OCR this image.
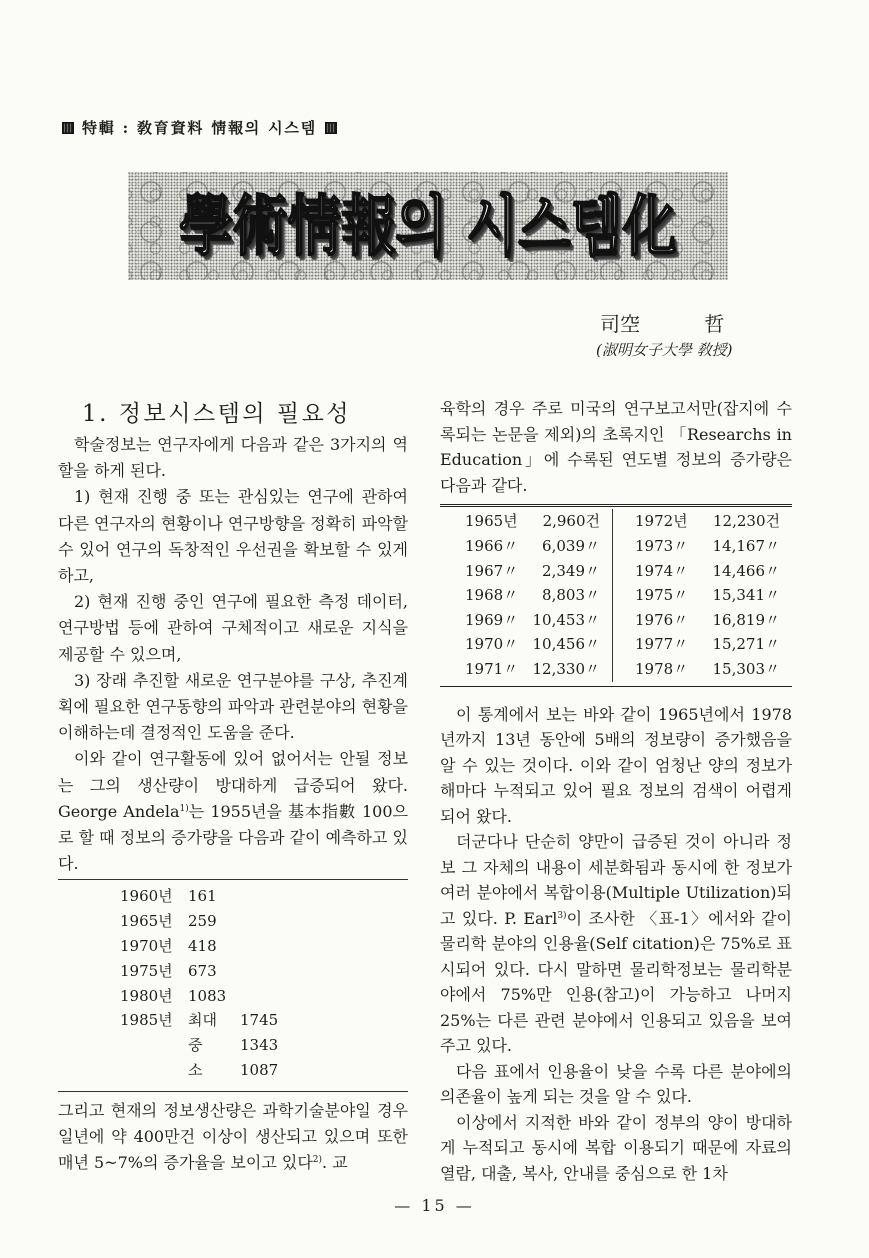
特輯 : 敎育資料 情報의 시스템
學術情報의 시스템化
司空 哲
(淑明女子大學 敎授)
1. 정보시스템의 필요성

학술정보는 연구자에게 다음과 같은 3가지의 역할을 하게 된다.

1) 현재 진행 중 또는 관심있는 연구에 관하여 다른 연구자의 현황이나 연구방향을 정확히 파악할 수 있어 연구의 독창적인 우선권을 확보할 수 있게 하고,

2) 현재 진행 중인 연구에 필요한 측정 데이터, 연구방법 등에 관하여 구체적이고 새로운 지식을 제공할 수 있으며,

3) 장래 추진할 새로운 연구분야를 구상, 추진계획에 필요한 연구동향의 파악과 관련분야의 현황을 이해하는데 결정적인 도움을 준다.

이와 같이 연구활동에 있어 없어서는 안될 정보는 그의 생산량이 방대하게 급증되어 왔다. George Andela$^{1)}$는 1955년을 基本指數 100으로 할 때 정보의 증가량을 다음과 같이 예측하고 있다.

1960년	161
1965년	259
1970년	418
1975년	673
1980년	1083
1985년	최대	1745
중	1343
소	1087

그리고 현재의 정보생산량은 과학기술분야일 경우 일년에 약 400만건 이상이 생산되고 있으며 또한 매년 5~7%의 증가율을 보이고 있다$^{2)}$. 교

육학의 경우 주로 미국의 연구보고서만(잡지에 수록되는 논문을 제외)의 초록지인 「Researchs in Education」에 수록된 연도별 정보의 증가량은 다음과 같다.

1965년	2,960건	1972년	12,230건
1966〃	6,039〃	1973〃	14,167〃
1967〃	2,349〃	1974〃	14,466〃
1968〃	8,803〃	1975〃	15,341〃
1969〃 10,453〃	1976〃	16,819〃
1970〃 10,456〃	1977〃	15,271〃
1971〃 12,330〃	1978〃	15,303〃

이 통계에서 보는 바와 같이 1965년에서 1978년까지 13년 동안에 5배의 정보량이 증가했음을 알 수 있는 것이다. 이와 같이 엄청난 양의 정보가 해마다 누적되고 있어 필요 정보의 검색이 어렵게 되어 왔다.

더군다나 단순히 양만이 급증된 것이 아니라 정보 그 자체의 내용이 세분화됨과 동시에 한 정보가 여러 분야에서 복합이용(Multiple Utilization)되고 있다. P. Earl$^{3)}$이 조사한 〈표-1〉에서와 같이 물리학 분야의 인용율(Self citation)은 75%로 표시되어 있다. 다시 말하면 물리학정보는 물리학분야에서 75%만 인용(참고)이 가능하고 나머지 25%는 다른 관련 분야에서 인용되고 있음을 보여주고 있다.

다음 표에서 인용율이 낮을 수록 다른 분야에의 의존율이 높게 되는 것을 알 수 있다.

이상에서 지적한 바와 같이 정부의 양이 방대하게 누적되고 동시에 복합 이용되기 때문에 자료의 열람, 대출, 복사, 안내를 중심으로 한 1차

— 15 —
